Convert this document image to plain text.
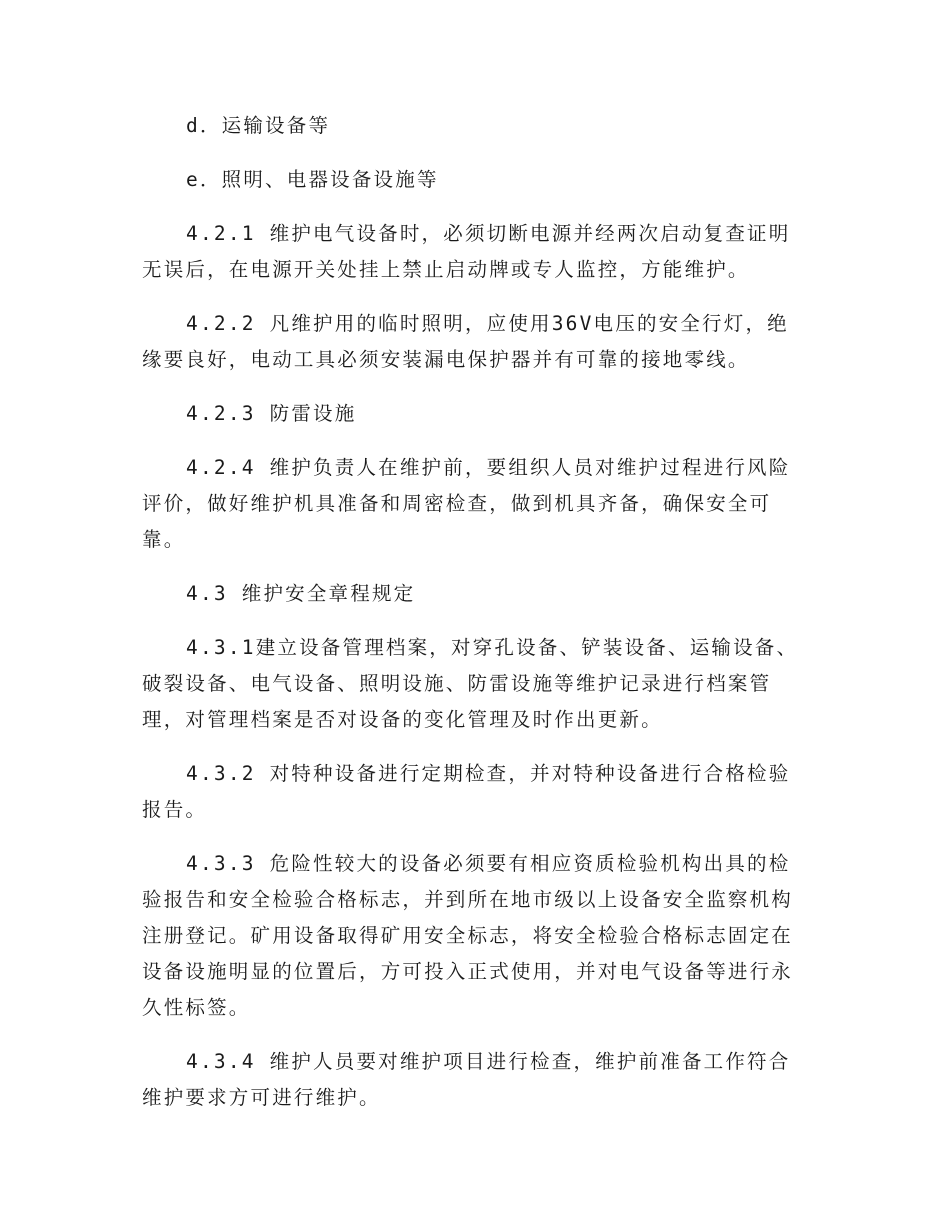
d．运输设备等

e．照明、电器设备设施等

4.2.1 维护电气设备时，必须切断电源并经两次启动复查证明无误后，在电源开关处挂上禁止启动牌或专人监控，方能维护。

4.2.2 凡维护用的临时照明，应使用36V电压的安全行灯，绝缘要良好，电动工具必须安装漏电保护器并有可靠的接地零线。

4.2.3 防雷设施

4.2.4 维护负责人在维护前，要组织人员对维护过程进行风险评价，做好维护机具准备和周密检查，做到机具齐备，确保安全可靠。

4.3 维护安全章程规定

4.3.1建立设备管理档案，对穿孔设备、铲装设备、运输设备、破裂设备、电气设备、照明设施、防雷设施等维护记录进行档案管理，对管理档案是否对设备的变化管理及时作出更新。

4.3.2 对特种设备进行定期检查，并对特种设备进行合格检验报告。

4.3.3 危险性较大的设备必须要有相应资质检验机构出具的检验报告和安全检验合格标志，并到所在地市级以上设备安全监察机构注册登记。矿用设备取得矿用安全标志，将安全检验合格标志固定在设备设施明显的位置后，方可投入正式使用，并对电气设备等进行永久性标签。

4.3.4 维护人员要对维护项目进行检查，维护前准备工作符合维护要求方可进行维护。
